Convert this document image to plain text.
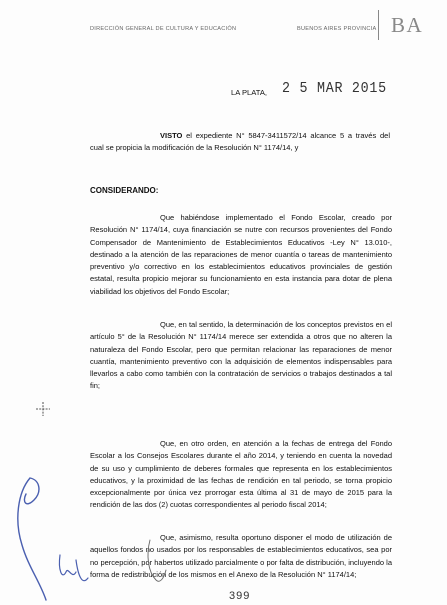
DIRECCIÓN GENERAL DE CULTURA Y EDUCACIÓN	BUENOS AIRES PROVINCIA BA
LA PLATA, 2 5 MAR 2015

VISTO el expediente N° 5847-3411572/14 alcance 5 a través del cual se propicia la modificación de la Resolución N° 1174/14, y

CONSIDERANDO:

Que habiéndose implementado el Fondo Escolar, creado por Resolución N° 1174/14, cuya financiación se nutre con recursos provenientes del Fondo Compensador de Mantenimiento de Establecimientos Educativos -Ley N° 13.010-, destinado a la atención de las reparaciones de menor cuantía o tareas de mantenimiento preventivo y/o correctivo en los establecimientos educativos provinciales de gestión estatal, resulta propicio mejorar su funcionamiento en esta instancia para dotar de plena viabilidad los objetivos del Fondo Escolar;

Que, en tal sentido, la determinación de los conceptos previstos en el artículo 5° de la Resolución N° 1174/14 merece ser extendida a otros que no alteren la naturaleza del Fondo Escolar, pero que permitan relacionar las reparaciones de menor cuantía, mantenimiento preventivo con la adquisición de elementos indispensables para llevarlos a cabo como también con la contratación de servicios o trabajos destinados a tal fin;

Que, en otro orden, en atención a la fechas de entrega del Fondo Escolar a los Consejos Escolares durante el año 2014, y teniendo en cuenta la novedad de su uso y cumplimiento de deberes formales que representa en los establecimientos educativos, y la proximidad de las fechas de rendición en tal periodo, se torna propicio excepcionalmente por única vez prorrogar esta última al 31 de mayo de 2015 para la rendición de las dos (2) cuotas correspondientes al periodo fiscal 2014;

Que, asimismo, resulta oportuno disponer el modo de utilización de aquellos fondos no usados por los responsables de establecimientos educativos, sea por no percepción, por habertos utilizado parcialmente o por falta de distribución, incluyendo la forma de redistribución de los mismos en el Anexo de la Resolución N° 1174/14;

399
